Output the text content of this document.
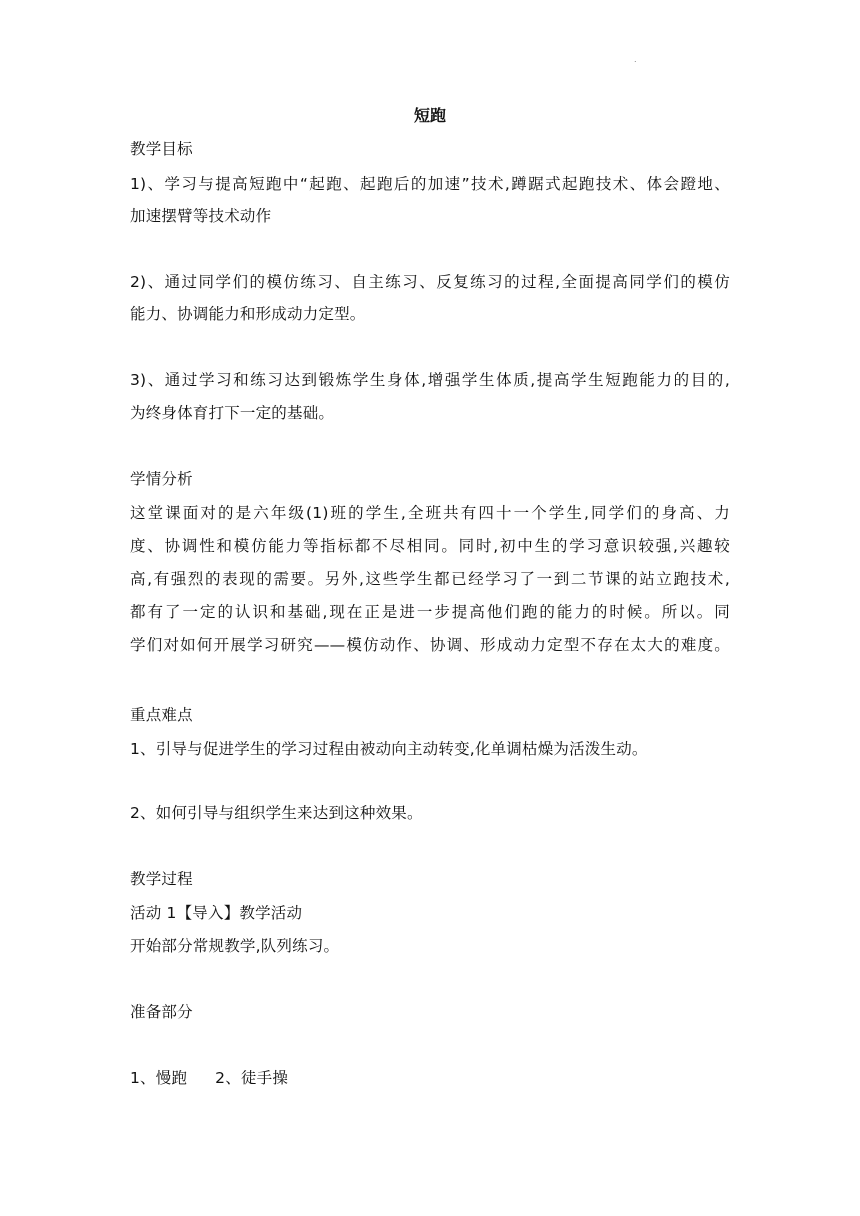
.
短跑
教学目标
1)、学习与提高短跑中“起跑、起跑后的加速”技术,蹲踞式起跑技术、体会蹬地、
加速摆臂等技术动作
2)、通过同学们的模仿练习、自主练习、反复练习的过程,全面提高同学们的模仿
能力、协调能力和形成动力定型。
3)、通过学习和练习达到锻炼学生身体,增强学生体质,提高学生短跑能力的目的,
为终身体育打下一定的基础。
学情分析
这堂课面对的是六年级(1)班的学生,全班共有四十一个学生,同学们的身高、力
度、协调性和模仿能力等指标都不尽相同。同时,初中生的学习意识较强,兴趣较
高,有强烈的表现的需要。另外,这些学生都已经学习了一到二节课的站立跑技术,
都有了一定的认识和基础,现在正是进一步提高他们跑的能力的时候。所以。同
学们对如何开展学习研究——模仿动作、协调、形成动力定型不存在太大的难度。
重点难点
1、引导与促进学生的学习过程由被动向主动转变,化单调枯燥为活泼生动。
2、如何引导与组织学生来达到这种效果。
教学过程
活动 1【导入】教学活动
开始部分常规教学,队列练习。
准备部分
1、慢跑 2、徒手操
